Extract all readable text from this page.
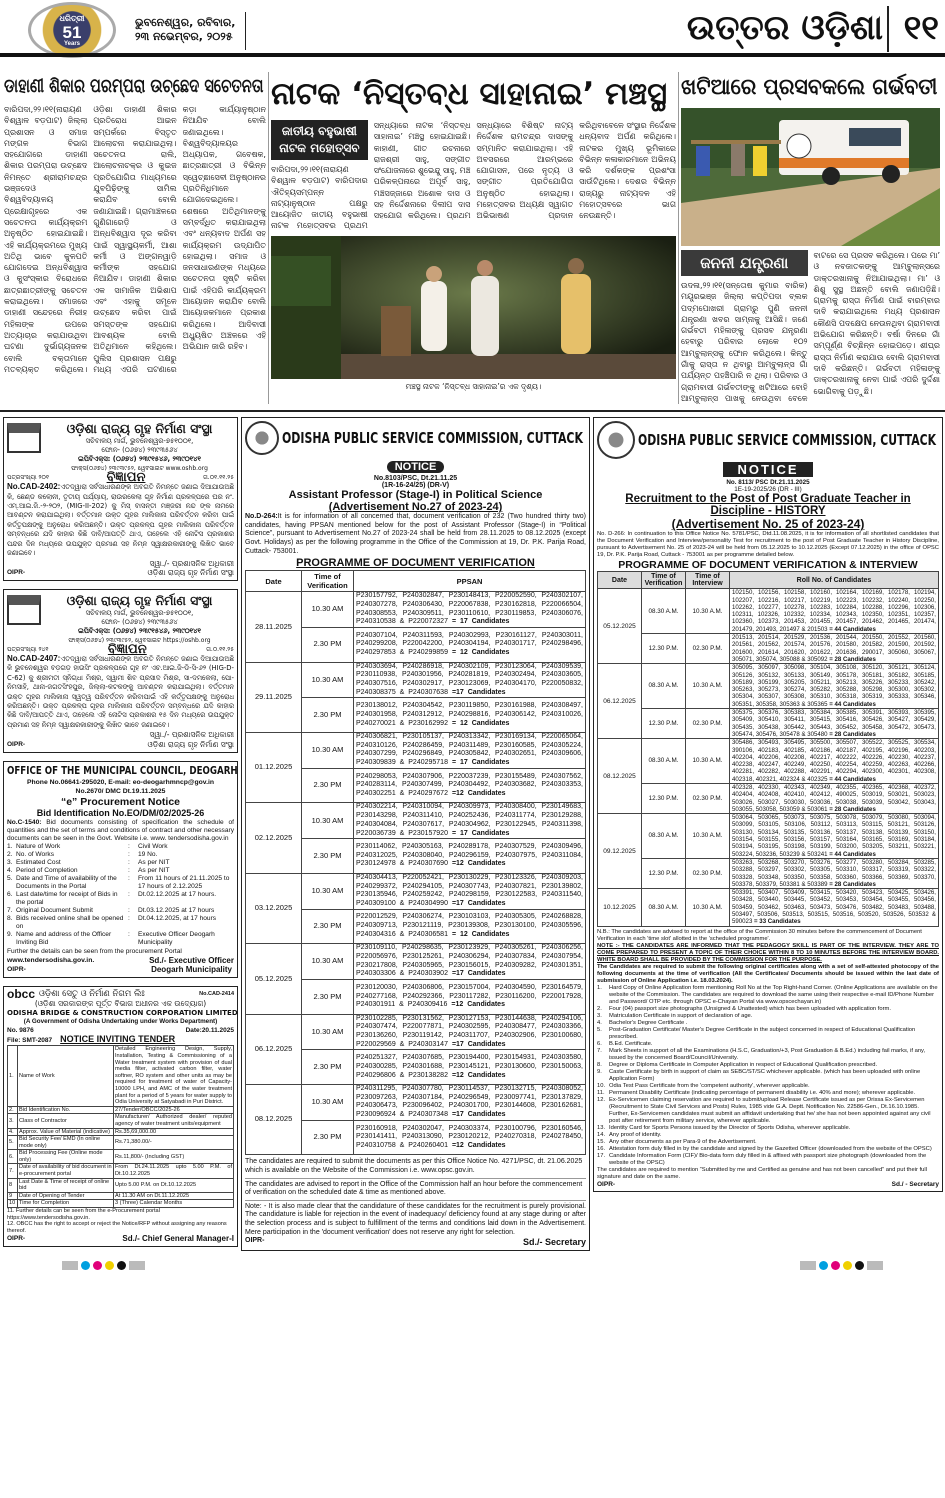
ଧରିତ୍ରୀ
51
Years
ଭୁବନେଶ୍ୱର, ରବିବାର,
୨୩ ନଭେମ୍ବର, ୨୦୨୫	ଉତ୍ତର ଓଡ଼ିଶା ୧୧
ଡାହାଣୀ ଶିକାର ପରମ୍ପରା ଉଚ୍ଛେଦ ସଚେତନତା
ବାରିପଦା,୨୨।୧୧(ନାରାୟଣ ବିଶ୍ୱାଳ ବଡ଼ପାଟ) ଜିଲ୍ଲା ପ୍ରଶାସନ ଓ ସମାଜ ମଙ୍ଗଳ ବିଭାଗ ସହଯୋଗରେ ଡାହାଣୀ ଶିକାର ପରମ୍ପରା ଉଚ୍ଛେଦ ନିମନ୍ତେ ଶ୍ରୀରାମଚନ୍ଦ୍ର ଭଞ୍ଜଦେଓ ବିଶ୍ୱବିଦ୍ୟାଳୟ ପ୍ରେକ୍ଷାଗୃହରେ ଏକ ସଚେତନତା କାର୍ଯ୍ୟକ୍ରମ ଅନୁଷ୍ଠିତ ହୋଇଯାଇଛି। ଏହି କାର୍ଯ୍ୟକ୍ରମରେ ମୁଖ୍ୟ ଅତିଥି ଭାବେ କୁଳପତି ଯୋଗଦେଇ ଅନ୍ଧବିଶ୍ୱାସ ଓ କୁସଂସ୍କାର ବିରୋଧରେ ଛାତ୍ରଛାତ୍ରୀଙ୍କୁ ସଚେତନ କରାଇଥିଲେ। ସମାଜରେ ଡାହାଣୀ ସନ୍ଦେହରେ ନିରୀହ ମହିଳାଙ୍କ ଉପରେ ଅତ୍ୟାଚାର କରାଯାଉଥିବା ଘଟଣା ଦୁର୍ଭାଗ୍ୟଜନକ ବୋଲି ବକ୍ତାମାନେ ମତବ୍ୟକ୍ତ କରିଥିଲେ। ଓଡ଼ିଶା ଡାହାଣୀ ଶିକାର ପ୍ରତିରୋଧ ଆଇନ ସମ୍ପର୍କରେ ବିସ୍ତୃତ ଆଲୋଚନା କରାଯାଇଥିଲା। ସଚେତନତା ରାଲି, ଆଲୋଚନାଚକ୍ର ଓ କୁଇଜ ପ୍ରତିଯୋଗିତା ମାଧ୍ୟମରେ ଯୁବପିଢ଼ିଙ୍କୁ ସାମିଲ କରାଯିବ ବୋଲି ଜଣାଯାଇଛି। ଗ୍ରାମାଞ୍ଚଳରେ ଗୁଣିଗାରେଡ଼ି ଓ ଅନ୍ଧବିଶ୍ୱାସ ଦୂର କରିବା ପାଇଁ ସ୍ୱାସ୍ଥ୍ୟକର୍ମୀ, ଆଶା କର୍ମୀ ଓ ଅଙ୍ଗନୱାଡ଼ି କର୍ମୀଙ୍କ ସହଯୋଗ ନିଆଯିବ। ଡାହାଣୀ ଶିକାର ଏକ ସାମାଜିକ ଅଭିଶାପ ଏବଂ ଏହାକୁ ସମୂଳେ ଉଚ୍ଛେଦ କରିବା ପାଇଁ ସମସ୍ତଙ୍କ ସହଯୋଗ ଆବଶ୍ୟକ ବୋଲି ଅତିଥିମାନେ କହିଥିଲେ। ପୁଲିସ ପ୍ରଶାସନ ପକ୍ଷରୁ ମଧ୍ୟ ଏପରି ଘଟଣାରେ କଡ଼ା କାର୍ଯ୍ୟାନୁଷ୍ଠାନ ନିଆଯିବ ବୋଲି ଜଣାଇଥିଲେ। ବିଶ୍ୱବିଦ୍ୟାଳୟର ଅଧ୍ୟାପକ, ଗବେଷକ, ଛାତ୍ରଛାତ୍ରୀ ଓ ବିଭିନ୍ନ ସ୍ୱେଚ୍ଛାସେବୀ ଅନୁଷ୍ଠାନର ପ୍ରତିନିଧିମାନେ ଯୋଗଦେଇଥିଲେ। ଶେଷରେ ଅତିଥିମାନଙ୍କୁ ସମ୍ବର୍ଦ୍ଧିତ କରାଯାଇଥିଲା ଏବଂ ଧନ୍ୟବାଦ ଅର୍ପଣ ସହ କାର୍ଯ୍ୟକ୍ରମ ଉଦ୍‌ଯାପିତ ହୋଇଥିଲା। ସମାଜ ଓ ଜନସାଧାରଣଙ୍କ ମଧ୍ୟରେ ସଚେତନତା ସୃଷ୍ଟି କରିବା ପାଇଁ ଏହିପରି କାର୍ଯ୍ୟକ୍ରମ ଆୟୋଜନ କରାଯିବ ବୋଲି ଆୟୋଜକମାନେ ପ୍ରକାଶ କରିଥିଲେ। ଆଦିବାସୀ ଅଧ୍ୟୁଷିତ ଅଞ୍ଚଳରେ ଏହି ଅଭିଯାନ ଜାରି ରହିବ।
ନାଟକ ‘ନିସ୍ତବ୍ଧ ସାହାନାଇ’ ମଞ୍ଚସ୍ଥ
ଜାତୀୟ ବହୁଭାଷୀ ନାଟକ ମହୋତ୍ସବ
ବାରିପଦା,୨୨।୧୧(ନାରାୟଣ ବିଶ୍ୱାଳ ବଡ଼ପାଟ) ବାରିପଦାର ଐତିହ୍ୟସମ୍ପନ୍ନ ନାଟ୍ୟାନୁଷ୍ଠାନ ପକ୍ଷରୁ ଆୟୋଜିତ ଜାତୀୟ ବହୁଭାଷୀ ନାଟକ ମହୋତ୍ସବର ପ୍ରଥମ ସନ୍ଧ୍ୟାରେ ନାଟକ ‘ନିସ୍ତବ୍ଧ ସାହାନାଇ’ ମଞ୍ଚସ୍ଥ ହୋଇଯାଇଛି। କାହାଣୀ, ଗୀତ ରଚନାରେ ରାଜଶ୍ରୀ ସାହୁ, ସଙ୍ଗୀତ ସଂଯୋଜନାରେ ଶୁଭେନ୍ଦୁ ସାହୁ, ମଞ୍ଚ ପରିକଳ୍ପନାରେ ଅପୂର୍ବ ସାହୁ, ମଞ୍ଚସଜ୍ଜାରେ ଅଶୋକ ଦାସ ଓ ସହ ନିର୍ଦ୍ଦେଶନାରେ ଦିଲୀପ ଦାସ ସହଯୋଗ କରିଥିଲେ। ପ୍ରଥମ ସନ୍ଧ୍ୟାରେ ବିଶିଷ୍ଟ ନାଟ୍ୟ ନିର୍ଦ୍ଦେଶକ ରାମଚନ୍ଦ୍ର ଦାସଙ୍କୁ ସମ୍ମାନିତ କରାଯାଇଥିଲା। ଏହି ଅବସରରେ ଆରମ୍ଭରେ ଯୋଗାସନ, ପରେ ନୃତ୍ୟ ଓ ସଙ୍ଗୀତ ପ୍ରତିଯୋଗିତା ଅନୁଷ୍ଠିତ ହୋଇଥିଲା। ମହୋତ୍ସବର ଅଧ୍ୟକ୍ଷ ସ୍ୱାଗତ ଅଭିଭାଷଣ ପ୍ରଦାନ କରିଥିବାବେଳେ ସଂସ୍ଥାର ନିର୍ଦ୍ଦେଶକ ଧନ୍ୟବାଦ ଅର୍ପଣ କରିଥିଲେ। ନାଟକର ମୁଖ୍ୟ ଭୂମିକାରେ ବିଭିନ୍ନ କଳାକାରମାନେ ଅଭିନୟ କରି ଦର୍ଶକଙ୍କ ପ୍ରଶଂସା ସାଉଁଟିଥିଲେ। ଦେଶର ବିଭିନ୍ନ ରାଜ୍ୟରୁ ନାଟ୍ୟଦଳ ଏହି ମହୋତ୍ସବରେ ଭାଗ ନେଉଛନ୍ତି।
ମଞ୍ଚସ୍ଥ ନାଟକ ‘ନିସ୍ତବ୍ଧ ସାହାନାଇ’ର ଏକ ଦୃଶ୍ୟ।
ଖଟିଆରେ ପ୍ରସବକଲେ ଗର୍ଭବତୀ
ଜନନୀ ଯନ୍ତ୍ରଣା
ଉଦଳା,୨୨।୧୧(ସନ୍ତୋଷ କୁମାର ବାରିକ) ମୟୂରଭଞ୍ଜ ଜିଲ୍ଲା କପ୍ତିପଦା ବ୍ଲକ ପଦ୍ମପୋଖରୀ ଗ୍ରାମରୁ ପୁଣି ଜନନୀ ଯନ୍ତ୍ରଣା ଖବର ସାମ୍ନାକୁ ଆସିଛି। ଜଣେ ଗର୍ଭବତୀ ମହିଳାଙ୍କୁ ପ୍ରସବ ଯନ୍ତ୍ରଣା ହେବାରୁ ପରିବାର ଲୋକେ ୧୦୨ ଆମ୍ବୁଲାନ୍ସକୁ ଫୋନ କରିଥିଲେ। କିନ୍ତୁ ଗାଁକୁ ରାସ୍ତା ନ ଥିବାରୁ ଆମ୍ବୁଲାନ୍ସ ଗାଁ ପର୍ଯ୍ୟନ୍ତ ପହଞ୍ଚିପାରି ନ ଥିଲା। ପରିବାର ଓ ଗ୍ରାମବାସୀ ଗର୍ଭବତୀଙ୍କୁ ଖଟିଆରେ ବୋହି ଆମ୍ବୁଲାନ୍ସ ପାଖକୁ ନେଉଥିବା ବେଳେ ବାଟରେ ସେ ପ୍ରସବ କରିଥିଲେ। ପରେ ମା’ ଓ ନବଜାତକଙ୍କୁ ଆମ୍ବୁଲାନ୍ସରେ ଡାକ୍ତରଖାନାକୁ ନିଆଯାଇଥିଲା। ମା’ ଓ ଶିଶୁ ସୁସ୍ଥ ଅଛନ୍ତି ବୋଲି ଜଣାପଡ଼ିଛି। ଗ୍ରାମକୁ ରାସ୍ତା ନିର୍ମାଣ ପାଇଁ ବାରମ୍ବାର ଦାବି କରାଯାଇଥିଲେ ମଧ୍ୟ ପ୍ରଶାସନ କୌଣସି ପଦକ୍ଷେପ ନେଉନଥିବା ଗ୍ରାମବାସୀ ଅଭିଯୋଗ କରିଛନ୍ତି। ବର୍ଷା ଦିନରେ ଗାଁ ସମ୍ପୂର୍ଣ୍ଣ ବିଚ୍ଛିନ୍ନ ହୋଇପଡ଼େ। ଶୀଘ୍ର ରାସ୍ତା ନିର୍ମାଣ କରାଯାଉ ବୋଲି ଗ୍ରାମବାସୀ ଦାବି କରିଛନ୍ତି। ଗର୍ଭବତୀ ମହିଳାଙ୍କୁ ଡାକ୍ତରଖାନାକୁ ନେବା ପାଇଁ ଏପରି ଦୁର୍ଦ୍ଦଶା ଭୋଗିବାକୁ ପଡ଼ୁଛି।
ଓଡ଼ିଶା ରାଜ୍ୟ ଗୃହ ନିର୍ମାଣ ସଂସ୍ଥା
ସଚିବାଳୟ ମାର୍ଗ, ଭୁବନେଶ୍ୱର-୭୫୧୦୦୧,
ଫୋନ- (୦୬୭୪) ୨୩୯୩୫୬୪
ଇପିବିଏକ୍ସ: (୦୬୭୪) ୨୩୯୧୫୪୬, ୨୩୯୦୧୪୧
ଫାକ୍ସ(୦୬୭୪) ୨୩୯୩୯୫୨, ୱେବସାଇଟ www.oshb.org
ପତ୍ରସଂଖ୍ୟା ୨୦୧	ବିଜ୍ଞାପନ	ତା.୦୧.୧୧.୨୫
No.CAD-2402:ଏତଦ୍ୱାରା ସର୍ବସାଧାରଣଙ୍କ ଅବଗତି ନିମନ୍ତେ ଜଣାଇ ଦିଆଯାଉଅଛି କି, ଛେଣ୍ଡ କଲୋନୀ, ତୃତୀୟ ପର୍ଯ୍ୟାୟ, ରାଉରକେଲା ଗୃହ ନିର୍ମାଣ ପ୍ରକଳ୍ପରେ ଘର ନଂ. ଏମ୍.ଆଇ.ଜି.-୨-୨୦୨, (MIG-II-202) କୁ ମିସ୍ ବାସନ୍ତୀ ମଞ୍ଜରୀ ନନ୍ଦ ଙ୍କ ନାମରେ ଆବଣ୍ଟନ କରାଯାଇଥିଲା। ବର୍ତ୍ତମାନ ଉକ୍ତ ଗୃହର ମାଲିକାନା ପରିବର୍ତ୍ତନ କରିବା ପାଇଁ କର୍ତ୍ତୃପକ୍ଷଙ୍କୁ ଅନୁରୋଧ କରିଅଛନ୍ତି। ଉକ୍ତ ପ୍ରକଳ୍ପ ଗୃହର ମାଲିକାନା ପରିବର୍ତ୍ତନ ସମ୍ବନ୍ଧରେ ଯଦି କାହାର କିଛି ଦାବି/ଆପତ୍ତି ଥାଏ, ତାହେଲେ ଏହି ନୋଟିସ ପ୍ରକାଶର ପନ୍ଦର ଦିନ ମଧ୍ୟରେ ଉପଯୁକ୍ତ ପ୍ରମାଣ ସହ ନିମ୍ନ ସ୍ୱାକ୍ଷରକାରୀଙ୍କୁ ଲିଖିତ ଭାବେ ଜଣାଇବେ।
ସ୍ୱା./- ପ୍ରଶାସନିକ ଅଧିକାରୀ
OIPR-	ଓଡ଼ିଶା ରାଜ୍ୟ ଗୃହ ନିର୍ମାଣ ସଂସ୍ଥା
ଓଡ଼ିଶା ରାଜ୍ୟ ଗୃହ ନିର୍ମାଣ ସଂସ୍ଥା
ସଚିବାଳୟ ମାର୍ଗ, ଭୁବନେଶ୍ୱର-୭୫୧୦୦୧,
ଫୋନ- (୦୬୭୪) ୨୩୯୩୫୬୪
ଇପିବିଏକ୍ସ: (୦୬୭୪) ୨୩୯୧୫୪୬, ୨୩୯୦୧୪୧
ଫାକ୍ସ(୦୬୭୪) ୨୩୯୩୯୫୨, ୱେବସାଇଟ https://oshb.org
ପତ୍ରସଂଖ୍ୟା ୨୪୧	ବିଜ୍ଞାପନ	ତା.୦.୧୧.୨୫
No.CAD-2407:ଏତଦ୍ୱାରା ସର୍ବସାଧାରଣଙ୍କ ଅବଗତି ନିମନ୍ତେ ଜଣାଇ ଦିଆଯାଉଅଛି କି ଭୁବନେଶ୍ୱର ବଡ଼ଗଡ଼ ହାଉସିଂ ପ୍ରକଳ୍ପରେ ଗୃହ ନଂ ଏଚ.ଆଇ.ଜି-ଡି-ସି-୬୨ (HIG-D-C-62) କୁ ଶ୍ରୀମତୀ ସ୍ନିଗ୍ଧା ମିଶ୍ର, ସ୍ୱାମୀ ଶିବ ପ୍ରସାଦ ମିଶ୍ର, ସା-ଦମକେଲା, ପୋ-ନିମସାହି, ଥାନା-ଜଗତସିଂହପୁର, ଜିଲ୍ଲା-କଟକଙ୍କୁ ଆବଣ୍ଟନ କରାଯାଇଥିଲା। ବର୍ତ୍ତମାନ ଉକ୍ତ ଗୃହର ମାଲିକାନା ସ୍ୱତ୍ୱ ପରିବର୍ତ୍ତନ କରିବାପାଇଁ ଏହି କର୍ତ୍ତୃପକ୍ଷଙ୍କୁ ଅନୁରୋଧ କରିଅଛନ୍ତି। ଉକ୍ତ ପ୍ରକଳ୍ପ ଗୃହର ମାଲିକାନା ପରିବର୍ତ୍ତନ ସମ୍ବନ୍ଧରେ ଯଦି କାହାର କିଛି ଦାବି/ଆପତ୍ତି ଥାଏ, ତାହେଲେ ଏହି ନୋଟିସ ପ୍ରକାଶର ୧୫ ଦିନ ମଧ୍ୟରେ ଉପଯୁକ୍ତ ପ୍ରମାଣ ସହ ନିମ୍ନ ସ୍ୱାକ୍ଷରକାରୀଙ୍କୁ ଲିଖିତ ଭାବେ ଜଣାଇବେ।
ସ୍ୱା./- ପ୍ରଶାସନିକ ଅଧିକାରୀ
OIPR-	ଓଡ଼ିଶା ରାଜ୍ୟ ଗୃହ ନିର୍ମାଣ ସଂସ୍ଥା
OFFICE OF THE MUNICIPAL COUNCIL, DEOGARH
Phone No.06641-295020, E-mail: eo-deogarhmncp@gov.in
No.2670/ DMC Dt.19.11.2025
“e” Procurement Notice
Bid Identification No.EO/DM/02/2025-26
No.C-1540: Bid documents consisting of specification the schedule of quantities and the set of terms and conditions of contract and other necessary documents can be seen in the Govt. Website i.e. www. tendersodisha.gov.in
1. Nature of Work	:	Civil Work
2. No. of Works	:	19 No.
3. Estimated Cost	:	As per NIT
4. Period of Completion	:	As per NIT
5. Date and Time of availability of the Documents in the Portal
:	From 11 hours of 21.11.2025 to 17 hours of 2.12.2025
6. Last date/time for receipt of Bids in the portal
:	Dt.02.12.2025 at 17 hours.
7. Original Document Submit	:	Dt.03.12.2025 at 17 hours
8. Bids received online shall be opened on
:	Dt.04.12.2025, at 17 hours
9. Name and address of the Officer Inviting Bid
:	Executive Officer Deogarh Municipality
Further the details can be seen from the procurement Portal
www.tendersodisha.gov.in.
OIPR-
Sd./- Executive Officer
Deogarh Municipality
obcc ଓଡ଼ିଶା ସେତୁ ଓ ନିର୍ମାଣ ନିଗମ ଲିଃ	No.CAD-2414
(ଓଡ଼ିଶା ସରକାରଙ୍କ ପୂର୍ତ୍ତ ବିଭାଗ ଅଧୀନର ଏକ ଉଦ୍ୟୋଗ)
ODISHA BRIDGE & CONSTRUCTION CORPORATION LIMITED
(A Government of Odisha Undertaking under Works Department)
No. 9876	Date:20.11.2025
File: SMT-2087 NOTICE INVITING TENDER
1.	Name of Work	Detailed Engineering Design, Supply, Installation, Testing & Commissioning of a Water treatment system with provision of dual media filter, activated carbon filter, water softner, RO system and other units as may be required for treatment of water of Capacity-10000 LPH, and AMC of the water treatment plant for a period of 5 years for water supply to Odia University at Satyabadi in Puri District.
2.	Bid Identification No.	27/Tender/OBCC/2025-26
3.	Class of Contractor	Manufacturer/ Authorized dealer/ reputed agency of water treatment units/equipment
4.	Approx. Value of Material (indicative)	Rs.35,69,000.00
5.	Bid Security Fee/ EMD (In online mode only)	Rs.71,380.00/-
6.	Bid Processing Fee (Online mode only)	Rs.11,800/- (Including GST)
7.	Date of availability of bid document in e-procurement portal	From Dt.24.11.2025 upto 5.00 P.M. of Dt.10.12.2025
8	Last Date & Time of receipt of online bid	Upto 5.00 P.M. on Dt.10.12.2025
9	Date of Opening of Tender	At 11.30 AM on Dt.11.12.2025
10	Time for Completion	3 (Three) Calendar Months
11. Further details can be seen from the e-Procurement portal https://www.tendersodisha.gov.in.
12. OBCC has the right to accept or reject the Notice/RFP without assigning any reasons thereof.
OIPR-	Sd./- Chief General Manager-I
ODISHA PUBLIC SERVICE COMMISSION, CUTTACK
NOTICE
No.8103/PSC, Dt.21.11.25
(1R-16-24/25) (DR-V)
Assistant Professor (Stage-I) in Political Science
(Advertisement No.27 of 2023-24)
No.D-264:It is for information of all concerned that, document verification of 232 (Two hundred thirty two) candidates, having PPSAN mentioned below for the post of Assistant Professor (Stage-I) in “Political Science”, pursuant to Advertisement No.27 of 2023-24 shall be held from 28.11.2025 to 08.12.2025 (except Govt. Holidays) as per the following programme in the Office of the Commission at 19, Dr. P.K. Parija Road, Cuttack- 753001.
PROGRAMME OF DOCUMENT VERIFICATION
Date	Time of Verification	PPSAN
28.11.2025	10.30 AM	P230157792, P240302847, P230148413, P220052590, P240302107, P240307278, P240306430, P220067838, P230162818, P220066504, P240308553, P240309511, P230110610, P230119853, P240306076, P240310538 & P220072327 = 17 Candidates
	2.30 PM	P240307104, P240311593, P240302993, P230161127, P240303011, P240299208, P220042200, P240304194, P240301717, P240298496, P240297853 & P240299859 = 12 Candidates
29.11.2025	10.30 AM	P240303694, P240286918, P240302109, P230123064, P240309539, P230110938, P240301956, P240281819, P240302494, P240303605, P240307516, P240302917, P230123069, P240304170, P220050832, P240308375 & P240307638 =17 Candidates
	2.30 PM	P230138012, P240304542, P230119850, P230161988, P240308497, P240301958, P240312912, P240298816, P240306142, P240310026, P240270021 & P230162992 = 12 Candidates
01.12.2025	10.30 AM	P240306821, P230105137, P240313342, P230169134, P220065064, P240310126, P240286459, P240311489, P230160585, P240305224, P240307299, P240296849, P240305842, P240302651, P240309606, P240309839 & P240295718 = 17 Candidates
	2.30 PM	P240298053, P240307906, P220037239, P230155489, P240307562, P240283114, P240307499, P240304492, P240303682, P240303353, P240302251 & P240297672 =12 Candidates
02.12.2025	10.30 AM	P240302214, P240310094, P240309973, P240308400, P230149683, P230143298, P240311410, P240252436, P240311774, P230129288, P240304084, P240307617, P240304962, P230122945, P240311398, P220036739 & P230157920 = 17 Candidates
	2.30 PM	P230114062, P240305163, P240289178, P240307529, P240309496, P240312025, P240308040, P240296159, P240307975, P240311084, P230124978 & P240307690 =12 Candidates
03.12.2025	10.30 AM	P240304413, P220052421, P230130229, P230123326, P240309203, P240299372, P240294105, P240307743, P240307821, P230139802, P230135946, P240259242, P240298159, P230122583, P240311540, P240309100 & P240304990 =17 Candidates
	2.30 PM	P220012529, P240306274, P230103103, P240305305, P240268828, P240309713, P230121119, P230139308, P230130100, P240305596, P240304316 & P240306581 = 12 Candidates
05.12.2025	10.30 AM	P230109110, P240298635, P230123929, P240305261, P240306256, P220056976, P230125261, P240306294, P240307834, P240307954, P230217808, P240305965, P230156015, P240309282, P240301351, P240303306 & P240303902 =17 Candidates
	2.30 PM	P230120030, P240306806, P230157004, P240304590, P230164579, P240277168, P240292366, P230117282, P230116200, P220017928, P240301911 & P240309416 =12 Candidates
06.12.2025	10.30 AM	P230102285, P230131562, P230127153, P230144638, P240294106, P240307474, P220077871, P240302595, P240308477, P240303366, P230136260, P230119142, P240311707, P240302906, P230100680, P220029569 & P240303147 =17 Candidates
	2.30 PM	P240251327, P240307685, P230194400, P230154931, P240303580, P240300285, P240301688, P230145121, P230130600, P230150063, P240296806 & P230138282 =12 Candidates
08.12.2025	10.30 AM	P240311295, P240307780, P230114537, P230132715, P240308052, P230097263, P240307184, P240296549, P230097741, P230137829, P240306473, P230096402, P240301700, P230144608, P230162681, P230096924 & P240307348 =17 Candidates
	2.30 PM	P230160918, P240302047, P240303374, P230100796, P230160546, P230141411, P240313090, P230120212, P240270318, P240278450, P240310758 & P240260401 =12 Candidates
The candidates are required to submit the documents as per this Office Notice No. 4271/PSC, dt. 21.06.2025 which is available on the Website of the Commission i.e. www.opsc.gov.in.
The candidates are advised to report in the Office of the Commission half an hour before the commencement of verification on the scheduled date & time as mentioned above.
Note: - It is also made clear that the candidature of these candidates for the recruitment is purely provisional. The candidature is liable for rejection in the event of inadequacy/ deficiency found at any stage during or after the selection process and is subject to fulfillment of the terms and conditions laid down in the Advertisement. Mere participation in the 'document verification' does not reserve any right for selection.
OIPR-	Sd./- Secretary
ODISHA PUBLIC SERVICE COMMISSION, CUTTACK
NOTICE
No. 8113/ PSC Dt.21.11.2025
1E-19-2025/26 (DR - III)
Recruitment to the Post of Post Graduate Teacher in
Discipline - HISTORY
(Advertisement No. 25 of 2023-24)
No. D-266: In continuation to this Office Notice No. 5781/PSC, Dtd.11.08.2025, it is for information of all shortlisted candidates that the Document Verification and Interview/personality Test for recruitment to the post of Post Graduate Teacher in History Discipline, pursuant to Advertisement No. 25 of 2023-24 will be held from 05.12.2025 to 10.12.2025 (Except 07.12.2025) in the office of OPSC 19, Dr. P.K. Parija Road, Cuttack - 753001 as per programme detailed below.
PROGRAMME OF DOCUMENT VERIFICATION & INTERVIEW
Date	Time of Verification	Time of Interview	Roll No. of Candidates
05.12.2025	08.30 A.M.	10.30 A.M.	102150, 102156, 102158, 102160, 102164, 102169, 102178, 102194, 102207, 102216, 102217, 102219, 102223, 102232, 102240, 102250, 102262, 102277, 102278, 102283, 102284, 102288, 102296, 102306, 102311, 102326, 102332, 102334, 102343, 102350, 102351, 102357, 102360, 102373, 201453, 201455, 201457, 201462, 201465, 201474, 201479, 201493, 201497 & 201503 = 44 Candidates
	12.30 P.M.	02.30 P.M.	201513, 201514, 201529, 201536, 201544, 201550, 201552, 201560, 201561, 201562, 201574, 201576, 201580, 201582, 201590, 201592, 201600, 201614, 201620, 201622, 201636, 290017, 305060, 305067, 305071, 305074, 305088 & 305092 = 28 Candidates
06.12.2025	08.30 A.M.	10.30 A.M.	305095, 305097, 305098, 305104, 305108, 305120, 305121, 305124, 305126, 305132, 305133, 305149, 305178, 305181, 305182, 305185, 305189, 305199, 305205, 305211, 305213, 305226, 305233, 305242, 305263, 305273, 305274, 305282, 305288, 305298, 305300, 305302, 305304, 305307, 305308, 305310, 305318, 305319, 305333, 305346, 305351, 305358, 305363 & 305365 = 44 Candidates
	12.30 P.M.	02.30 P.M.	305375, 305376, 305383, 305384, 305385, 305391, 305393, 305395, 305409, 305410, 305411, 305415, 305416, 305426, 305427, 305429, 305435, 305438, 305442, 305443, 305452, 305458, 305472, 305473, 305474, 305476, 305478 & 305480 = 28 Candidates
08.12.2025	08.30 A.M.	10.30 A.M.	305486, 305493, 305495, 305500, 305507, 305522, 305525, 305534, 390106, 402183, 402185, 402186, 402187, 402195, 402196, 402203, 402204, 402206, 402208, 402217, 402222, 402226, 402230, 402237, 402238, 402247, 402249, 402250, 402254, 402259, 402263, 402266, 402281, 402282, 402288, 402291, 402294, 402300, 402301, 402308, 402318, 402321, 402324 & 402325 = 44 Candidates
	12.30 P.M.	02.30 P.M.	402328, 402330, 402343, 402349, 402355, 402365, 402368, 402372, 402404, 402408, 402410, 402412, 490025, 503019, 503021, 503023, 503026, 503027, 503030, 503036, 503038, 503039, 503042, 503043, 503055, 503058, 503059 & 503061 = 28 Candidates
09.12.2025	08.30 A.M.	10.30 A.M.	503064, 503065, 503073, 503075, 503078, 503079, 503080, 503094, 503099, 503105, 503106, 503112, 503113, 503115, 503121, 503126, 503130, 503134, 503135, 503136, 503137, 503138, 503139, 503150, 503154, 503155, 503156, 503157, 503164, 503165, 503169, 503184, 503194, 503195, 503198, 503199, 503200, 503205, 503211, 503221, 503224, 503236, 503239 & 503241 = 44 Candidates
	12.30 P.M.	02.30 P.M.	503263, 503268, 503270, 503276, 503277, 503280, 503284, 503285, 503288, 503297, 503302, 503305, 503310, 503317, 503319, 503322, 503328, 503348, 503350, 503358, 503360, 503366, 503369, 503370, 503378, 503379, 503381 & 503389 = 28 Candidates
10.12.2025	08.30 A.M.	10.30 A.M.	503391, 503407, 503409, 503415, 503420, 503423, 503425, 503426, 503428, 503440, 503445, 503452, 503453, 503454, 503455, 503456, 503459, 503462, 503463, 503473, 503476, 503482, 503483, 503488, 503497, 503506, 503513, 503515, 503516, 503520, 503526, 503532 & 590023 = 33 Candidates
N.B.: The candidates are advised to report at the office of the Commission 30 minutes before the commencement of Document Verification in each 'time slot' allotted in the 'scheduled programme'.
NOTE :- THE CANDIDATES ARE INFORMED THAT THE PEDAGOGY SKILL IS PART OF THE INTERVIEW. THEY ARE TO COME PREPARED TO PRESENT A TOPIC OF THEIR CHOICE WITHIN 8 TO 10 MINUTES BEFORE THE INTERVIEW BOARD. WHITE BOARD SHALL BE PROVIDED BY THE COMMISSION FOR THE PURPOSE.
The Candidates are required to submit the following original certificates along with a set of self-attested photocopy of the following documents at the time of verification (All the Certificates/ Documents should be issued within the last date of submission of Online Application i.e. 18.03.2024).
1.	Hard Copy of Online Application form mentioning Roll No at the Top Right-hand Corner. (Online Applications are available on the website of the Commission. The candidates are required to download the same using their respective e-mail ID/Phone Number and Password/ OTP etc. through OPSC e-Chayan Portal via www.opscechayan.in)
2.	Four (04) passport size photographs (Unsigned & Unattested) which has been uploaded with application form.
3.	Matriculation Certificate in support of declaration of age.
4.	Bachelor's Degree Certificate .
5.	Post-Graduation Certificate/ Master's Degree Certificate in the subject concerned in respect of Educational Qualification prescribed.
6.	B.Ed. Certificate.
7.	Mark Sheets in support of all the Examinations (H.S.C, Graduation/+3, Post Graduation & B.Ed.) including fail marks, if any, issued by the concerned Board/Council/University.
8.	Degree or Diploma Certificate in Computer Application in respect of Educational Qualification prescribed.
9.	Caste Certificate by birth in support of claim as SEBC/ST/SC whichever applicable. (which has been uploaded with online Application Form)
10. Odia Test Pass Certificate from the 'competent authority', wherever applicable.
11. Permanent Disability Certificate (indicating percentage of permanent disability i.e. 40% and more); wherever applicable.
12. Ex-Servicemen claiming reservation are required to submit/upload Release Certificate issued as per Orissa Ex-Servicemen (Recruitment to State Civil Services and Posts) Rules, 1985 vide G.A. Deptt. Notification No. 22586-Gen., Dt.16.10.1985. Further, Ex-Servicemen candidates must submit an affidavit undertaking that he/ she has not been appointed against any civil post after retirement from military service, wherever applicable.
13. Identity Card for Sports Persons issued by the Director of Sports Odisha, wherever applicable.
14. Any proof of identity.
15. Any other documents as per Para-9 of the Advertisement.
16. Attestation form duly filled in by the candidate and signed by the Gazetted Officer (downloaded from the website of the OPSC)
17. Candidate Information Form (CIF)/ Bio-data form duly filled in & affixed with passport size photograph (downloaded from the website of the OPSC)
The candidates are required to mention “Submitted by me and Certified as genuine and has not been cancelled” and put their full signature and date on the same.
OIPR-	Sd./ - Secretary
